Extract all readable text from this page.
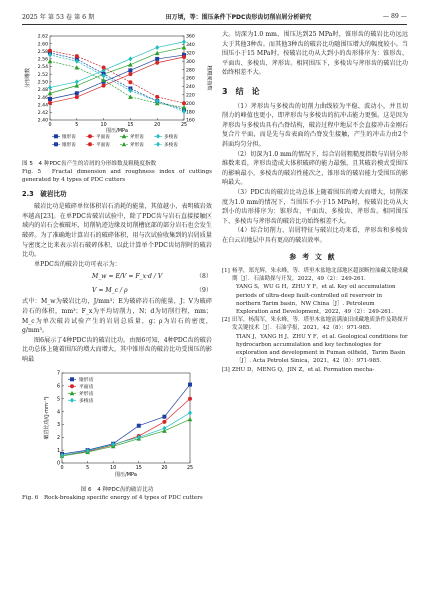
2025 年 第 53 卷 第 6 期	田万顷，等：围压条件下PDC齿形齿切削岩屑分析研究	— 89 —
2.62
2.60
2.58
2.56
2.54
2.52
2.50
2.48
2.46
2.44
2.42
2.40
360
340
320
300
280
260
240
220
200
180
160
0	5	10	15	20	25
围压/MPa
分形维数	粗糙度指数
锥形齿	平面齿	斧形齿	多棱齿
锥形齿	平面齿	斧形齿	多棱齿

图 5　4 种PDC齿产生的岩屑的分形维数及粗糙度指数

Fig. 5　Fractal dimension and roughness index of cuttings generated by 4 types of PDC cutters

2.3　破岩比功

破岩比功是破碎单位体积岩石消耗的能量，其值越小，表明破岩效率越高[23]。在单PDC齿破岩试验中，除了PDC齿与岩石直接接触区域内的岩石会被破坏，切削轨迹边缘及切削槽底部的部分岩石也会发生破碎。为了准确地计算岩石的破碎体积，用与次试验收集到的岩屑质量与密度之比来表示岩石破碎体积，以此计算单个PDC齿切削时的破岩比功。

单PDC齿的破岩比功可表示为：

M_w = E/V = F_x·d / V	（8）
V = M_c / ρ	（9）

式中：M_w为破岩比功，J/mm³；E为破碎岩石的能量，J；V为破碎岩石的体积，mm³；F_x为平均切削力，N；d为切削行程，mm；M_c为单次破岩试验产生的岩屑总质量，g；ρ为岩石的密度，g/mm³。

图6展示了4种PDC齿的破岩比功。由图6可知，4种PDC齿的破岩比功总体上随着围压的增大而增大，其中锥形齿的破岩比功受围压的影响最

0
1
2
3
4
5
6
7
0	5	10	15	20	25
围压/MPa
破岩比功/(J·mm⁻³)
锥形齿
平面齿
斧形齿
多棱齿

图 6　4 种PDC齿的破岩比功

Fig. 6　Rock-breaking specific energy of 4 types of PDC cutters

大。切深为1.0 mm、围压达到25 MPa时，锥形齿的破岩比功远远大于其他3种齿。而其他3种齿的破岩比功随围压增大的幅度较小。当围压小于15 MPa时，按破岩比功从大到小的齿形排序为：锥形齿、平面齿、多棱齿、斧形齿。相同围压下，多棱齿与斧形齿的破岩比功始终相差不大。

3　结　论

（1）斧形齿与多棱齿的切削力曲线较为平稳、波动小，并且切削力的峰值也更小，即斧形齿与多棱齿的抗冲击能力更强。这是因为斧形齿与多棱齿具有凸脊结构，破岩过程中地层不会直接冲击金刚石复合片平面，而是先与齿表面的凸脊发生接触，产生的冲击力由2个斜面均匀分担。

（2）切深为1.0 mm的情况下，综合岩屑粗糙度指数与岩屑分形维数来看，斧形齿造成大体积破碎的能力最强，且其破岩模式受围压的影响最小，多棱齿的破岩性能次之，锥形齿的破岩能力受围压的影响最大。

（3）PDC齿的破岩比功总体上随着围压的增大而增大，切削深度为1.0 mm的情况下，当围压不小于15 MPa时，按破岩比功从大到小的齿形排序为：锥形齿、平面齿、多棱齿、斧形齿。相同围压下，多棱齿与斧形齿的破岩比功始终相差不大。

（4）综合切削力、岩屑特征与破岩比功来看，斧形齿和多棱齿在白云岩地层中具有更高的破岩效率。

参考文献

[1] 杨孝，郑光辉，朱永峰，等．塔里木盆地北部地区超深断控油藏关键成藏期［J］．石油勘探与开发，2022，49（2）：249-261．

YANG S，WU G H，ZHU Y F，et al. Key oil accumulation periods of ultra-deep fault-controlled oil reservoir in northern Tarim basin，NW China［J］. Petroleum Exploration and Development，2022，49（2）：249-261.

[2] 田军，杨海军，朱永峰，等．塔里木盆地富满油田成藏地质条件及勘探开发关键技术［J］．石油学报，2021，42（8）：971-985．

TIAN J，YANG H J，ZHU Y F，et al. Geological conditions for hydrocarbon accumulation and key technologies for exploration and development in Fuman oilfield，Tarim Basin［J］. Acta Petrolei Sinica，2021，42（8）：971-985.

[3] ZHU D，MENG Q，JIN Z，et al. Formation mecha-
